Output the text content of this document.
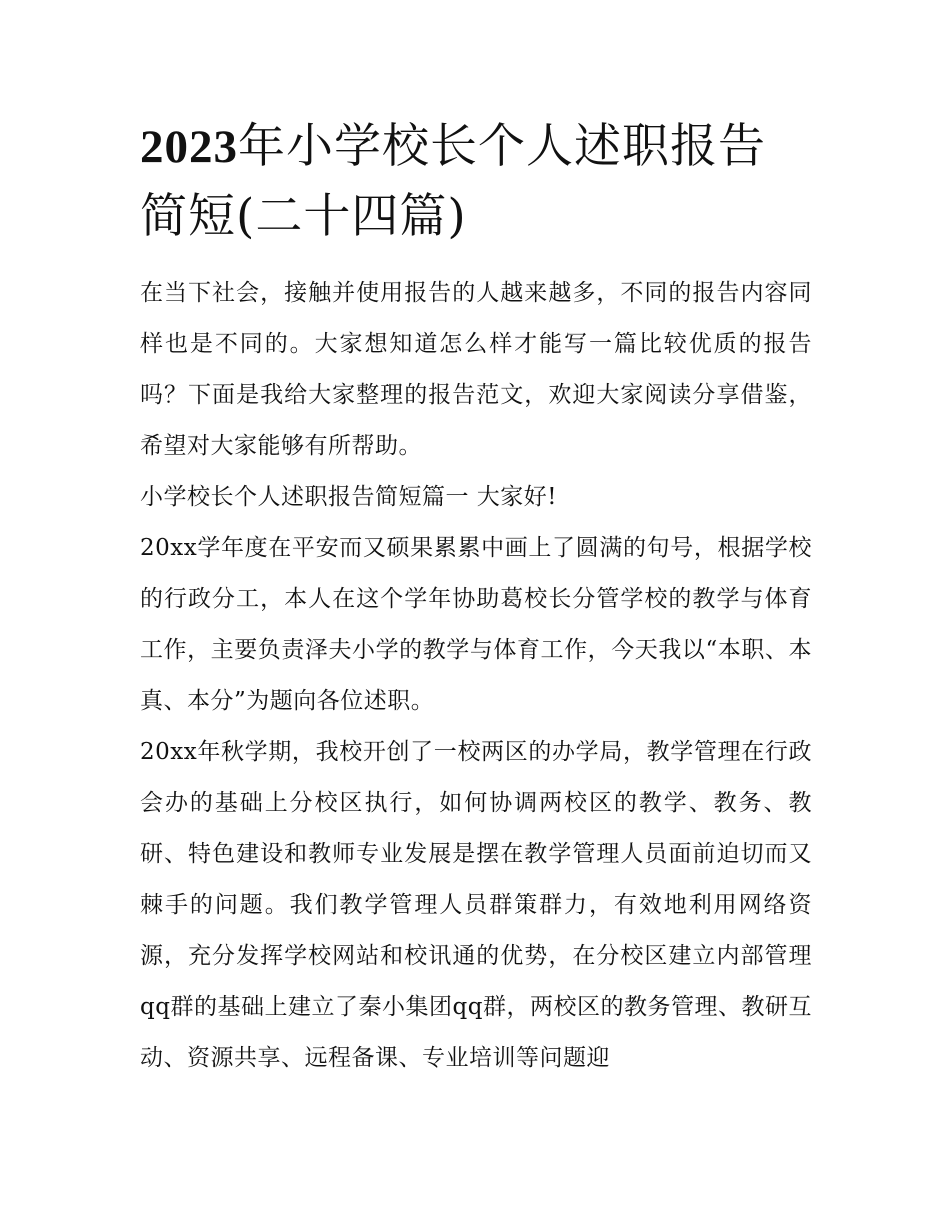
2023年小学校长个人述职报告简短(二十四篇)

在当下社会，接触并使用报告的人越来越多，不同的报告内容同样也是不同的。大家想知道怎么样才能写一篇比较优质的报告吗？下面是我给大家整理的报告范文，欢迎大家阅读分享借鉴，希望对大家能够有所帮助。

小学校长个人述职报告简短篇一 大家好!

20xx学年度在平安而又硕果累累中画上了圆满的句号，根据学校的行政分工，本人在这个学年协助葛校长分管学校的教学与体育工作，主要负责泽夫小学的教学与体育工作，今天我以“本职、本真、本分”为题向各位述职。

20xx年秋学期，我校开创了一校两区的办学局，教学管理在行政会办的基础上分校区执行，如何协调两校区的教学、教务、教研、特色建设和教师专业发展是摆在教学管理人员面前迫切而又棘手的问题。我们教学管理人员群策群力，有效地利用网络资源，充分发挥学校网站和校讯通的优势，在分校区建立内部管理qq群的基础上建立了秦小集团qq群，两校区的教务管理、教研互动、资源共享、远程备课、专业培训等问题迎
